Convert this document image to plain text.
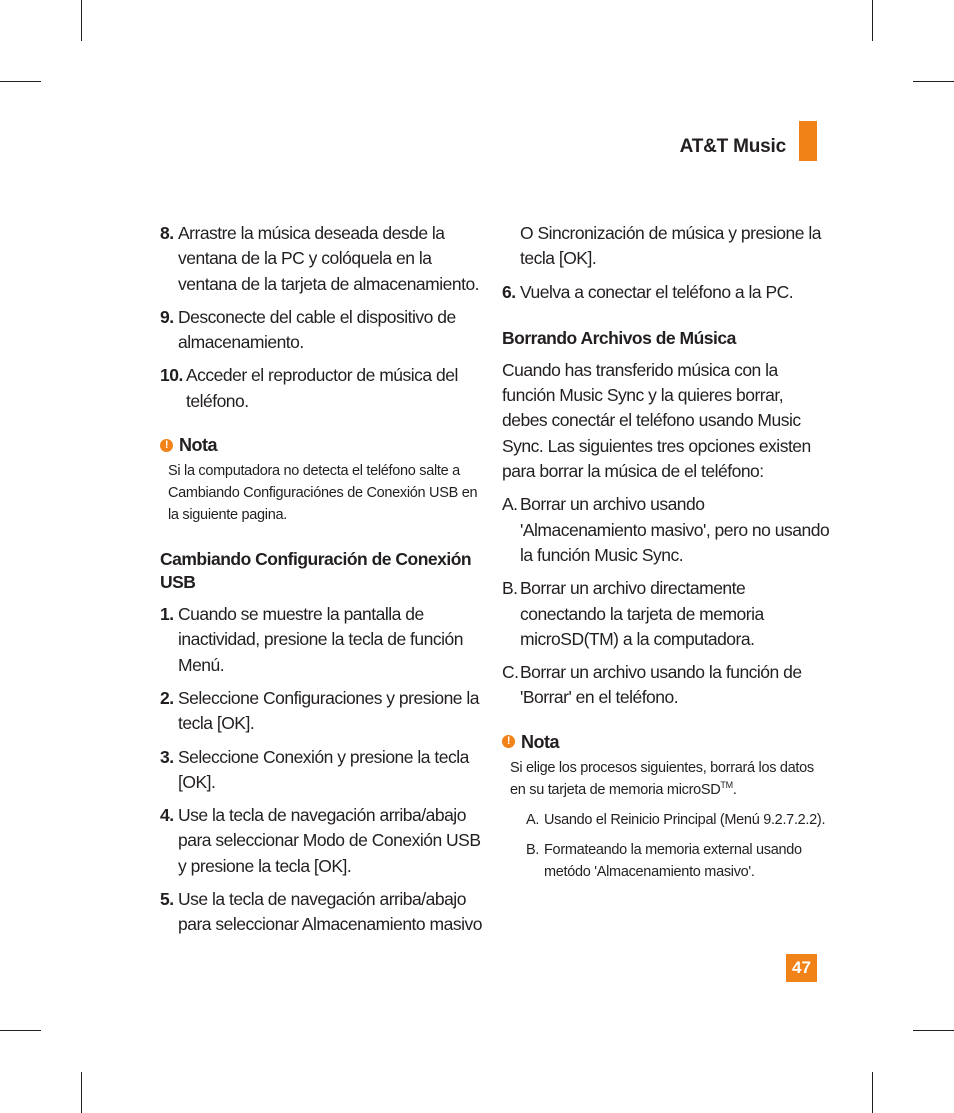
AT&T Music
8. Arrastre la música deseada desde la ventana de la PC y colóquela en la ventana de la tarjeta de almacenamiento.
9. Desconecte del cable el dispositivo de almacenamiento.
10. Acceder el reproductor de música del teléfono.
! Nota
Si la computadora no detecta el teléfono salte a Cambiando Configuraciónes de Conexión USB en la siguiente pagina.
Cambiando Configuración de Conexión USB
1. Cuando se muestre la pantalla de inactividad, presione la tecla de función Menú.
2. Seleccione Configuraciones y presione la tecla [OK].
3. Seleccione Conexión y presione la tecla [OK].
4. Use la tecla de navegación arriba/abajo para seleccionar Modo de Conexión USB y presione la tecla [OK].
5. Use la tecla de navegación arriba/abajo para seleccionar Almacenamiento masivo
O Sincronización de música y presione la tecla [OK].
6. Vuelva a conectar el teléfono a la PC.
Borrando Archivos de Música
Cuando has transferido música con la función Music Sync y la quieres borrar, debes conectár el teléfono usando Music Sync. Las siguientes tres opciones existen para borrar la música de el teléfono:
A. Borrar un archivo usando 'Almacenamiento masivo', pero no usando la función Music Sync.
B. Borrar un archivo directamente conectando la tarjeta de memoria microSD(TM) a la computadora.
C. Borrar un archivo usando la función de 'Borrar' en el teléfono.
! Nota
Si elige los procesos siguientes, borrará los datos en su tarjeta de memoria microSD™.
A. Usando el Reinicio Principal (Menú 9.2.7.2.2).
B. Formateando la memoria external usando metódo 'Almacenamiento masivo'.
47
